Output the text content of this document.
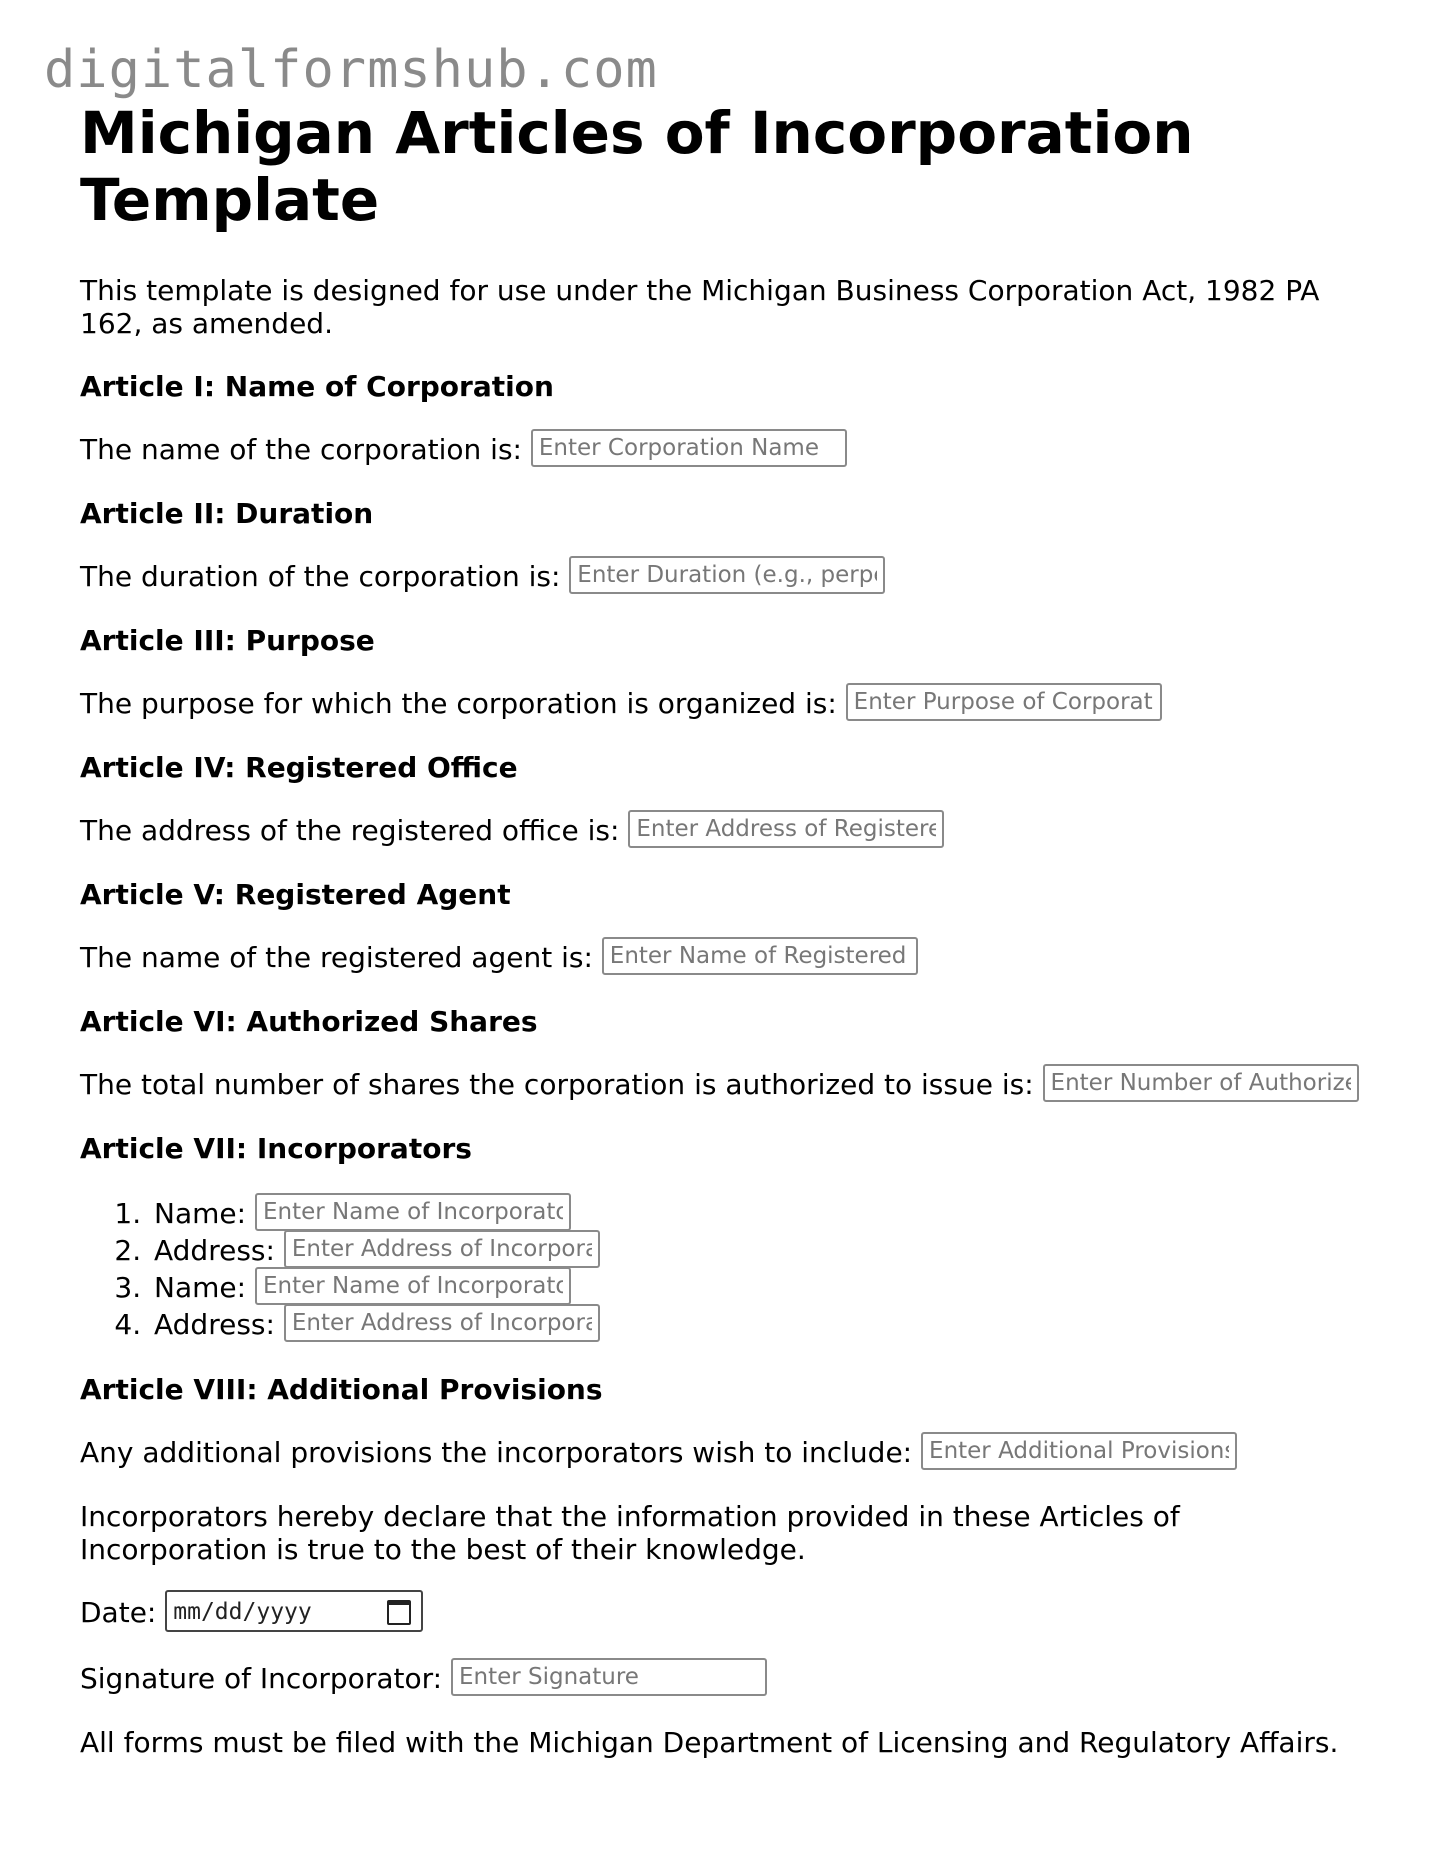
digitalformshub.com
Michigan Articles of Incorporation Template

This template is designed for use under the Michigan Business Corporation Act, 1982 PA 162, as amended.

Article I: Name of Corporation

The name of the corporation is: Enter Corporation Name

Article II: Duration

The duration of the corporation is: Enter Duration (e.g., perpetual)

Article III: Purpose

The purpose for which the corporation is organized is: Enter Purpose of Corporation

Article IV: Registered Office

The address of the registered office is: Enter Address of Registered Office

Article V: Registered Agent

The name of the registered agent is: Enter Name of Registered Agent

Article VI: Authorized Shares

The total number of shares the corporation is authorized to issue is: Enter Number of Authorized Shares

Article VII: Incorporators
1. Name: Enter Name of Incorporator
2. Address: Enter Address of Incorporator
3. Name: Enter Name of Incorporator
4. Address: Enter Address of Incorporator
Article VIII: Additional Provisions

Any additional provisions the incorporators wish to include: Enter Additional Provisions

Incorporators hereby declare that the information provided in these Articles of Incorporation is true to the best of their knowledge.

Date: mm/dd/yyyy

Signature of Incorporator: Enter Signature

All forms must be filed with the Michigan Department of Licensing and Regulatory Affairs.
